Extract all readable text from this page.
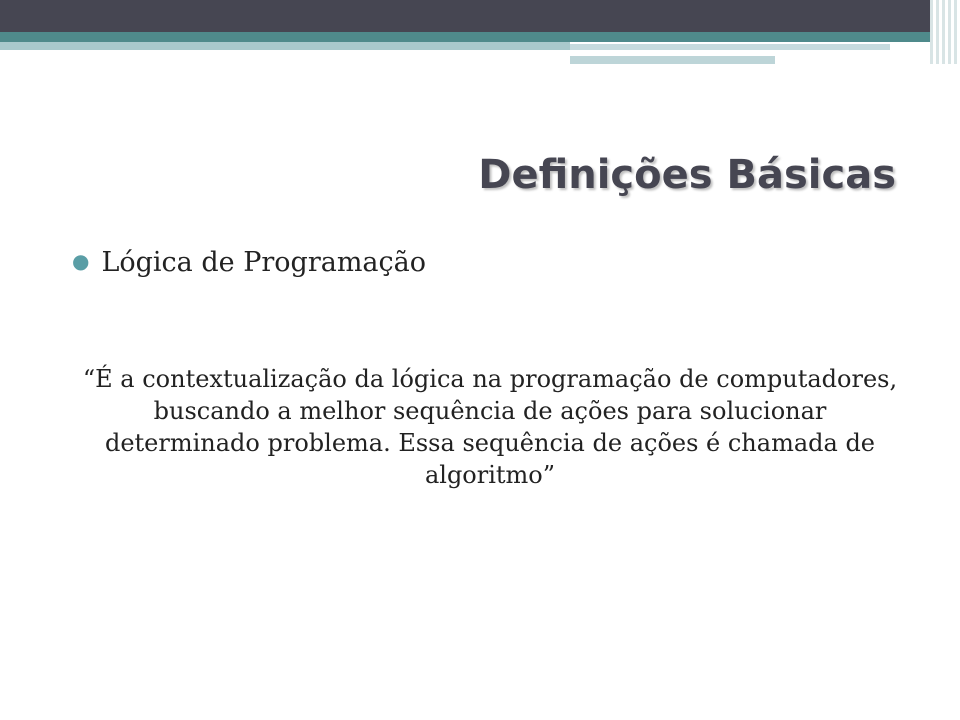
Definições Básicas
● Lógica de Programação

“É a contextualização da lógica na programação de computadores, buscando a melhor sequência de ações para solucionar determinado problema. Essa sequência de ações é chamada de algoritmo”
